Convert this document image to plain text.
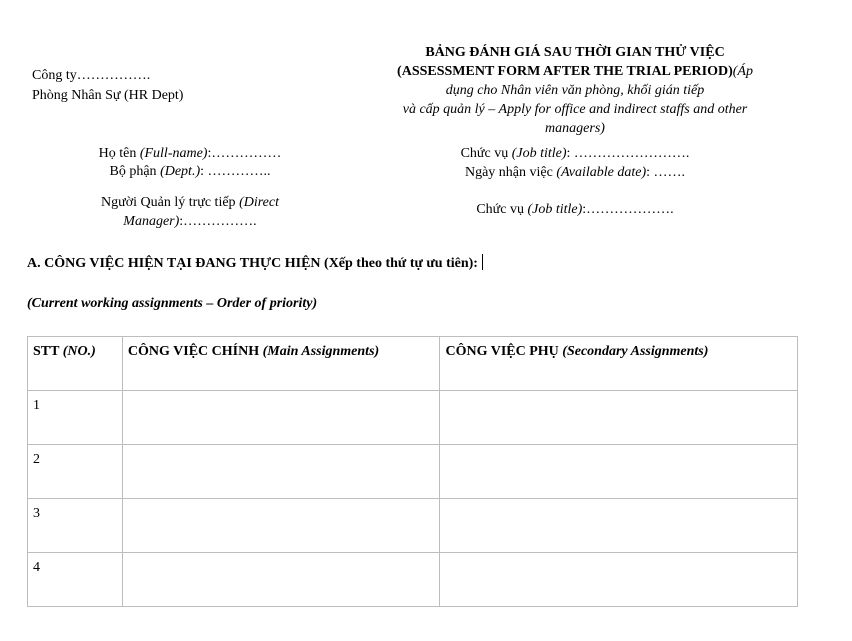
Công ty…………….
Phòng Nhân Sự (HR Dept)
BẢNG ĐÁNH GIÁ SAU THỜI GIAN THỬ VIỆC
(ASSESSMENT FORM AFTER THE TRIAL PERIOD)(Áp
dụng cho Nhân viên văn phòng, khối gián tiếp
và cấp quản lý – Apply for office and indirect staffs and other
managers)
Họ tên (Full-name):……………
Bộ phận (Dept.): …………..
Người Quản lý trực tiếp (Direct
Manager):…………….
Chức vụ (Job title): …………………….
Ngày nhận việc (Available date): …….
Chức vụ (Job title):……………….
A. CÔNG VIỆC HIỆN TẠI ĐANG THỰC HIỆN (Xếp theo thứ tự ưu tiên):
(Current working assignments – Order of priority)
STT (NO.)	CÔNG VIỆC CHÍNH (Main Assignments)	CÔNG VIỆC PHỤ (Secondary Assignments)
1		
2		
3		
4		
